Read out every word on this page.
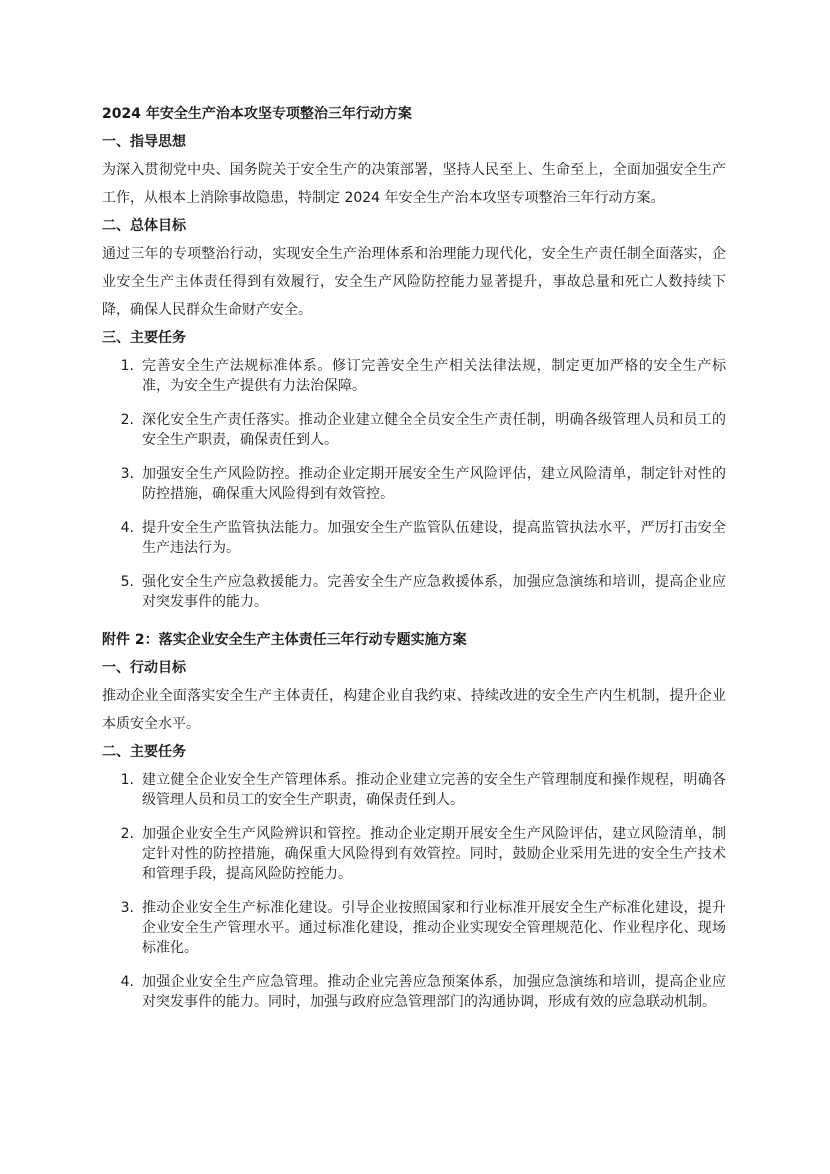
2024 年安全生产治本攻坚专项整治三年行动方案

一、指导思想

为深入贯彻党中央、国务院关于安全生产的决策部署，坚持人民至上、生命至上，全面加强安全生产工作，从根本上消除事故隐患，特制定 2024 年安全生产治本攻坚专项整治三年行动方案。

二、总体目标

通过三年的专项整治行动，实现安全生产治理体系和治理能力现代化，安全生产责任制全面落实，企业安全生产主体责任得到有效履行，安全生产风险防控能力显著提升，事故总量和死亡人数持续下降，确保人民群众生命财产安全。

三、主要任务

1. 完善安全生产法规标准体系。修订完善安全生产相关法律法规，制定更加严格的安全生产标准，为安全生产提供有力法治保障。
2. 深化安全生产责任落实。推动企业建立健全全员安全生产责任制，明确各级管理人员和员工的安全生产职责，确保责任到人。
3. 加强安全生产风险防控。推动企业定期开展安全生产风险评估，建立风险清单，制定针对性的防控措施，确保重大风险得到有效管控。
4. 提升安全生产监管执法能力。加强安全生产监管队伍建设，提高监管执法水平，严厉打击安全生产违法行为。
5. 强化安全生产应急救援能力。完善安全生产应急救援体系，加强应急演练和培训，提高企业应对突发事件的能力。

附件 2：落实企业安全生产主体责任三年行动专题实施方案

一、行动目标

推动企业全面落实安全生产主体责任，构建企业自我约束、持续改进的安全生产内生机制，提升企业本质安全水平。

二、主要任务

1. 建立健全企业安全生产管理体系。推动企业建立完善的安全生产管理制度和操作规程，明确各级管理人员和员工的安全生产职责，确保责任到人。
2. 加强企业安全生产风险辨识和管控。推动企业定期开展安全生产风险评估，建立风险清单，制定针对性的防控措施，确保重大风险得到有效管控。同时，鼓励企业采用先进的安全生产技术和管理手段，提高风险防控能力。
3. 推动企业安全生产标准化建设。引导企业按照国家和行业标准开展安全生产标准化建设，提升企业安全生产管理水平。通过标准化建设，推动企业实现安全管理规范化、作业程序化、现场标准化。
4. 加强企业安全生产应急管理。推动企业完善应急预案体系，加强应急演练和培训，提高企业应对突发事件的能力。同时，加强与政府应急管理部门的沟通协调，形成有效的应急联动机制。
